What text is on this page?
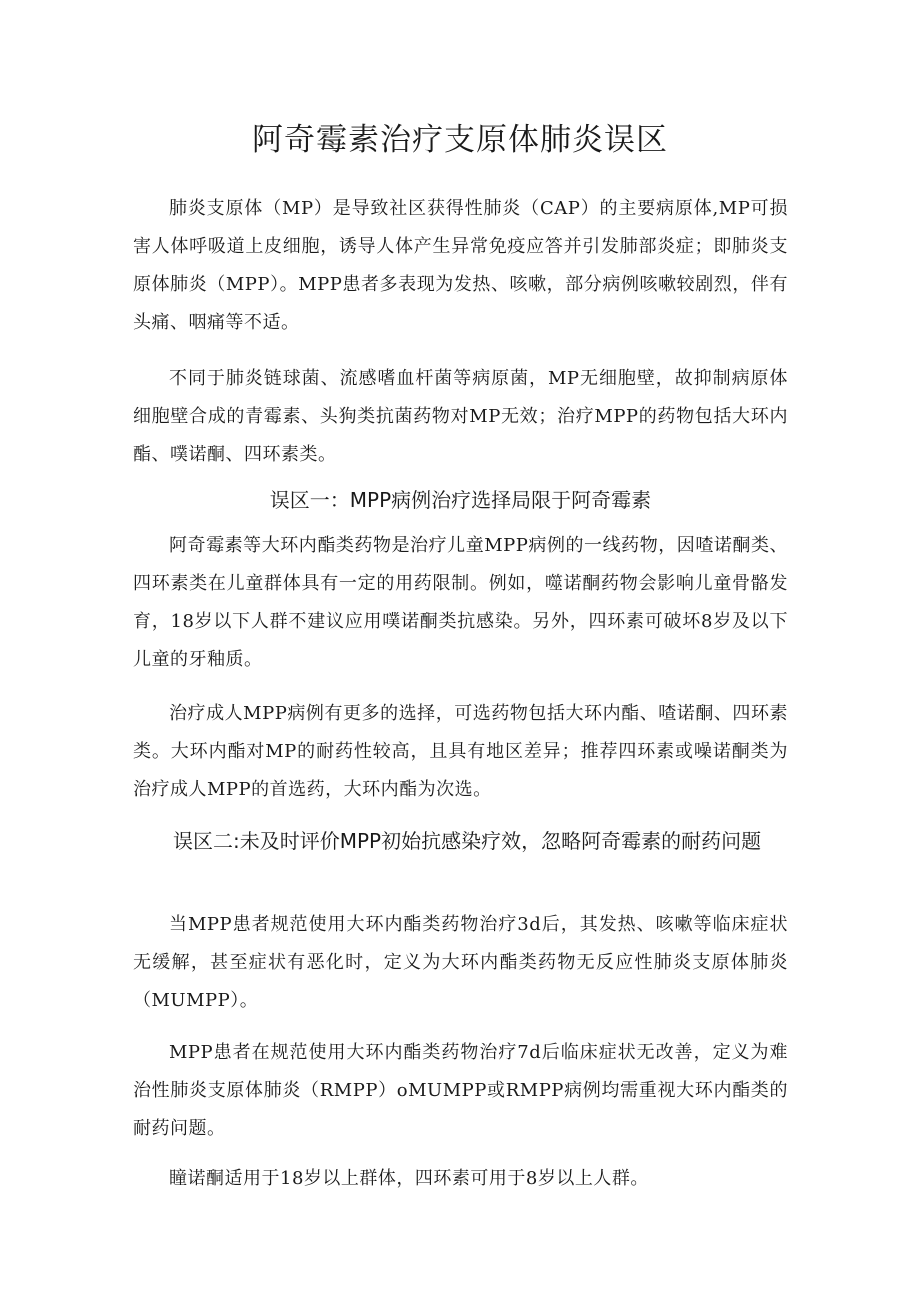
阿奇霉素治疗支原体肺炎误区

肺炎支原体（MP）是导致社区获得性肺炎（CAP）的主要病原体,MP可损害人体呼吸道上皮细胞，诱导人体产生异常免疫应答并引发肺部炎症；即肺炎支原体肺炎（MPP）。MPP患者多表现为发热、咳嗽，部分病例咳嗽较剧烈，伴有头痛、咽痛等不适。

不同于肺炎链球菌、流感嗜血杆菌等病原菌，MP无细胞壁，故抑制病原体细胞壁合成的青霉素、头狗类抗菌药物对MP无效；治疗MPP的药物包括大环内酯、噗诺酮、四环素类。

误区一：MPP病例治疗选择局限于阿奇霉素

阿奇霉素等大环内酯类药物是治疗儿童MPP病例的一线药物，因喳诺酮类、四环素类在儿童群体具有一定的用药限制。例如，噬诺酮药物会影响儿童骨骼发育，18岁以下人群不建议应用噗诺酮类抗感染。另外，四环素可破坏8岁及以下儿童的牙釉质。

治疗成人MPP病例有更多的选择，可选药物包括大环内酯、喳诺酮、四环素类。大环内酯对MP的耐药性较高，且具有地区差异；推荐四环素或噪诺酮类为治疗成人MPP的首选药，大环内酯为次选。

误区二:未及时评价MPP初始抗感染疗效，忽略阿奇霉素的耐药问题

当MPP患者规范使用大环内酯类药物治疗3d后，其发热、咳嗽等临床症状无缓解，甚至症状有恶化时，定义为大环内酯类药物无反应性肺炎支原体肺炎（MUMPP）。

MPP患者在规范使用大环内酯类药物治疗7d后临床症状无改善，定义为难治性肺炎支原体肺炎（RMPP）oMUMPP或RMPP病例均需重视大环内酯类的耐药问题。

瞳诺酮适用于18岁以上群体，四环素可用于8岁以上人群。
